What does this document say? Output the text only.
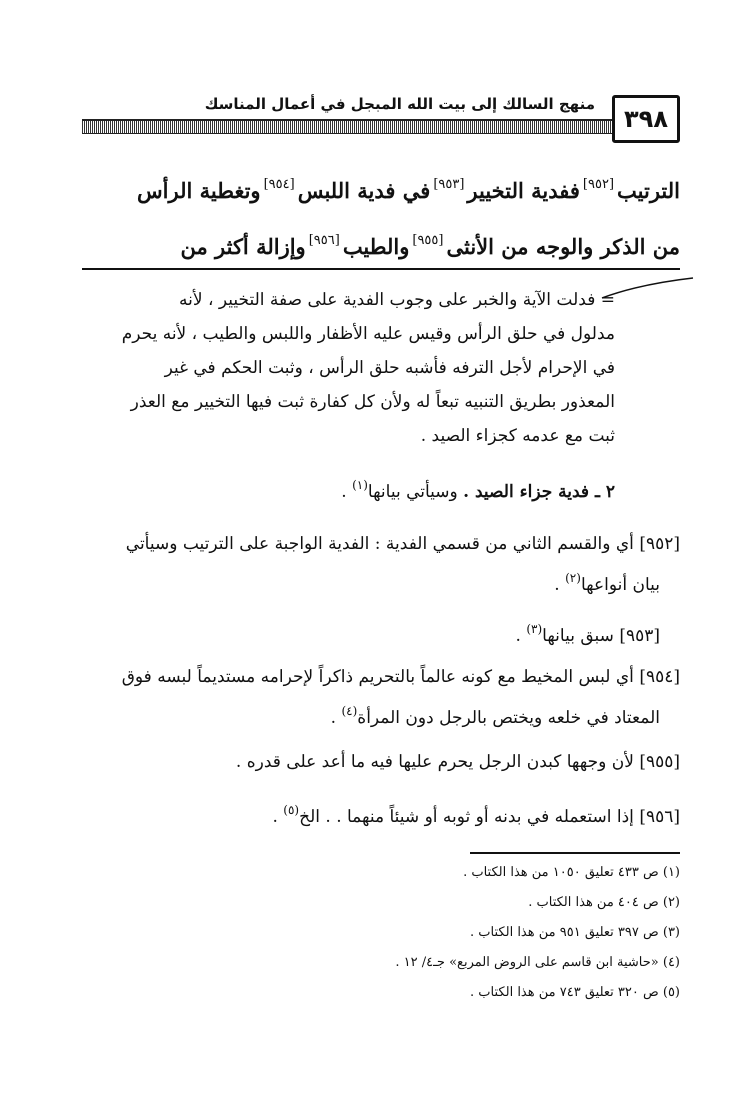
٣٩٨
منهج السالك إلى بيت الله المبجل في أعمال المناسك
الترتيب[٩٥٢]ففدية التخيير[٩٥٣]في فدية اللبس[٩٥٤]وتغطية الرأس
من الذكر والوجه من الأنثى[٩٥٥]والطيب[٩٥٦]وإزالة أكثر من
= فدلت الآية والخبر على وجوب الفدية على صفة التخيير ، لأنه
مدلول في حلق الرأس وقيس عليه الأظفار واللبس والطيب ، لأنه يحرم
في الإحرام لأجل الترفه فأشبه حلق الرأس ، وثبت الحكم في غير
المعذور بطريق التنبيه تبعاً له ولأن كل كفارة ثبت فيها التخيير مع العذر
ثبت مع عدمه كجزاء الصيد .
٢ ـ فدية جزاء الصيد . وسيأتي بيانها$^{(١)}$ .
[٩٥٢] أي والقسم الثاني من قسمي الفدية : الفدية الواجبة على الترتيب وسيأتي
بيان أنواعها$^{(٢)}$ .
[٩٥٣] سبق بيانها$^{(٣)}$ .
[٩٥٤] أي لبس المخيط مع كونه عالماً بالتحريم ذاكراً لإحرامه مستديماً لبسه فوق
المعتاد في خلعه ويختص بالرجل دون المرأة$^{(٤)}$ .
[٩٥٥] لأن وجهها كبدن الرجل يحرم عليها فيه ما أعد على قدره .
[٩٥٦] إذا استعمله في بدنه أو ثوبه أو شيئاً منهما . . الخ$^{(٥)}$ .
(١) ص ٤٣٣ تعليق ١٠٥٠ من هذا الكتاب .
(٢) ص ٤٠٤ من هذا الكتاب .
(٣) ص ٣٩٧ تعليق ٩٥١ من هذا الكتاب .
(٤) «حاشية ابن قاسم على الروض المربع» جـ٤/ ١٢ .
(٥) ص ٣٢٠ تعليق ٧٤٣ من هذا الكتاب .
